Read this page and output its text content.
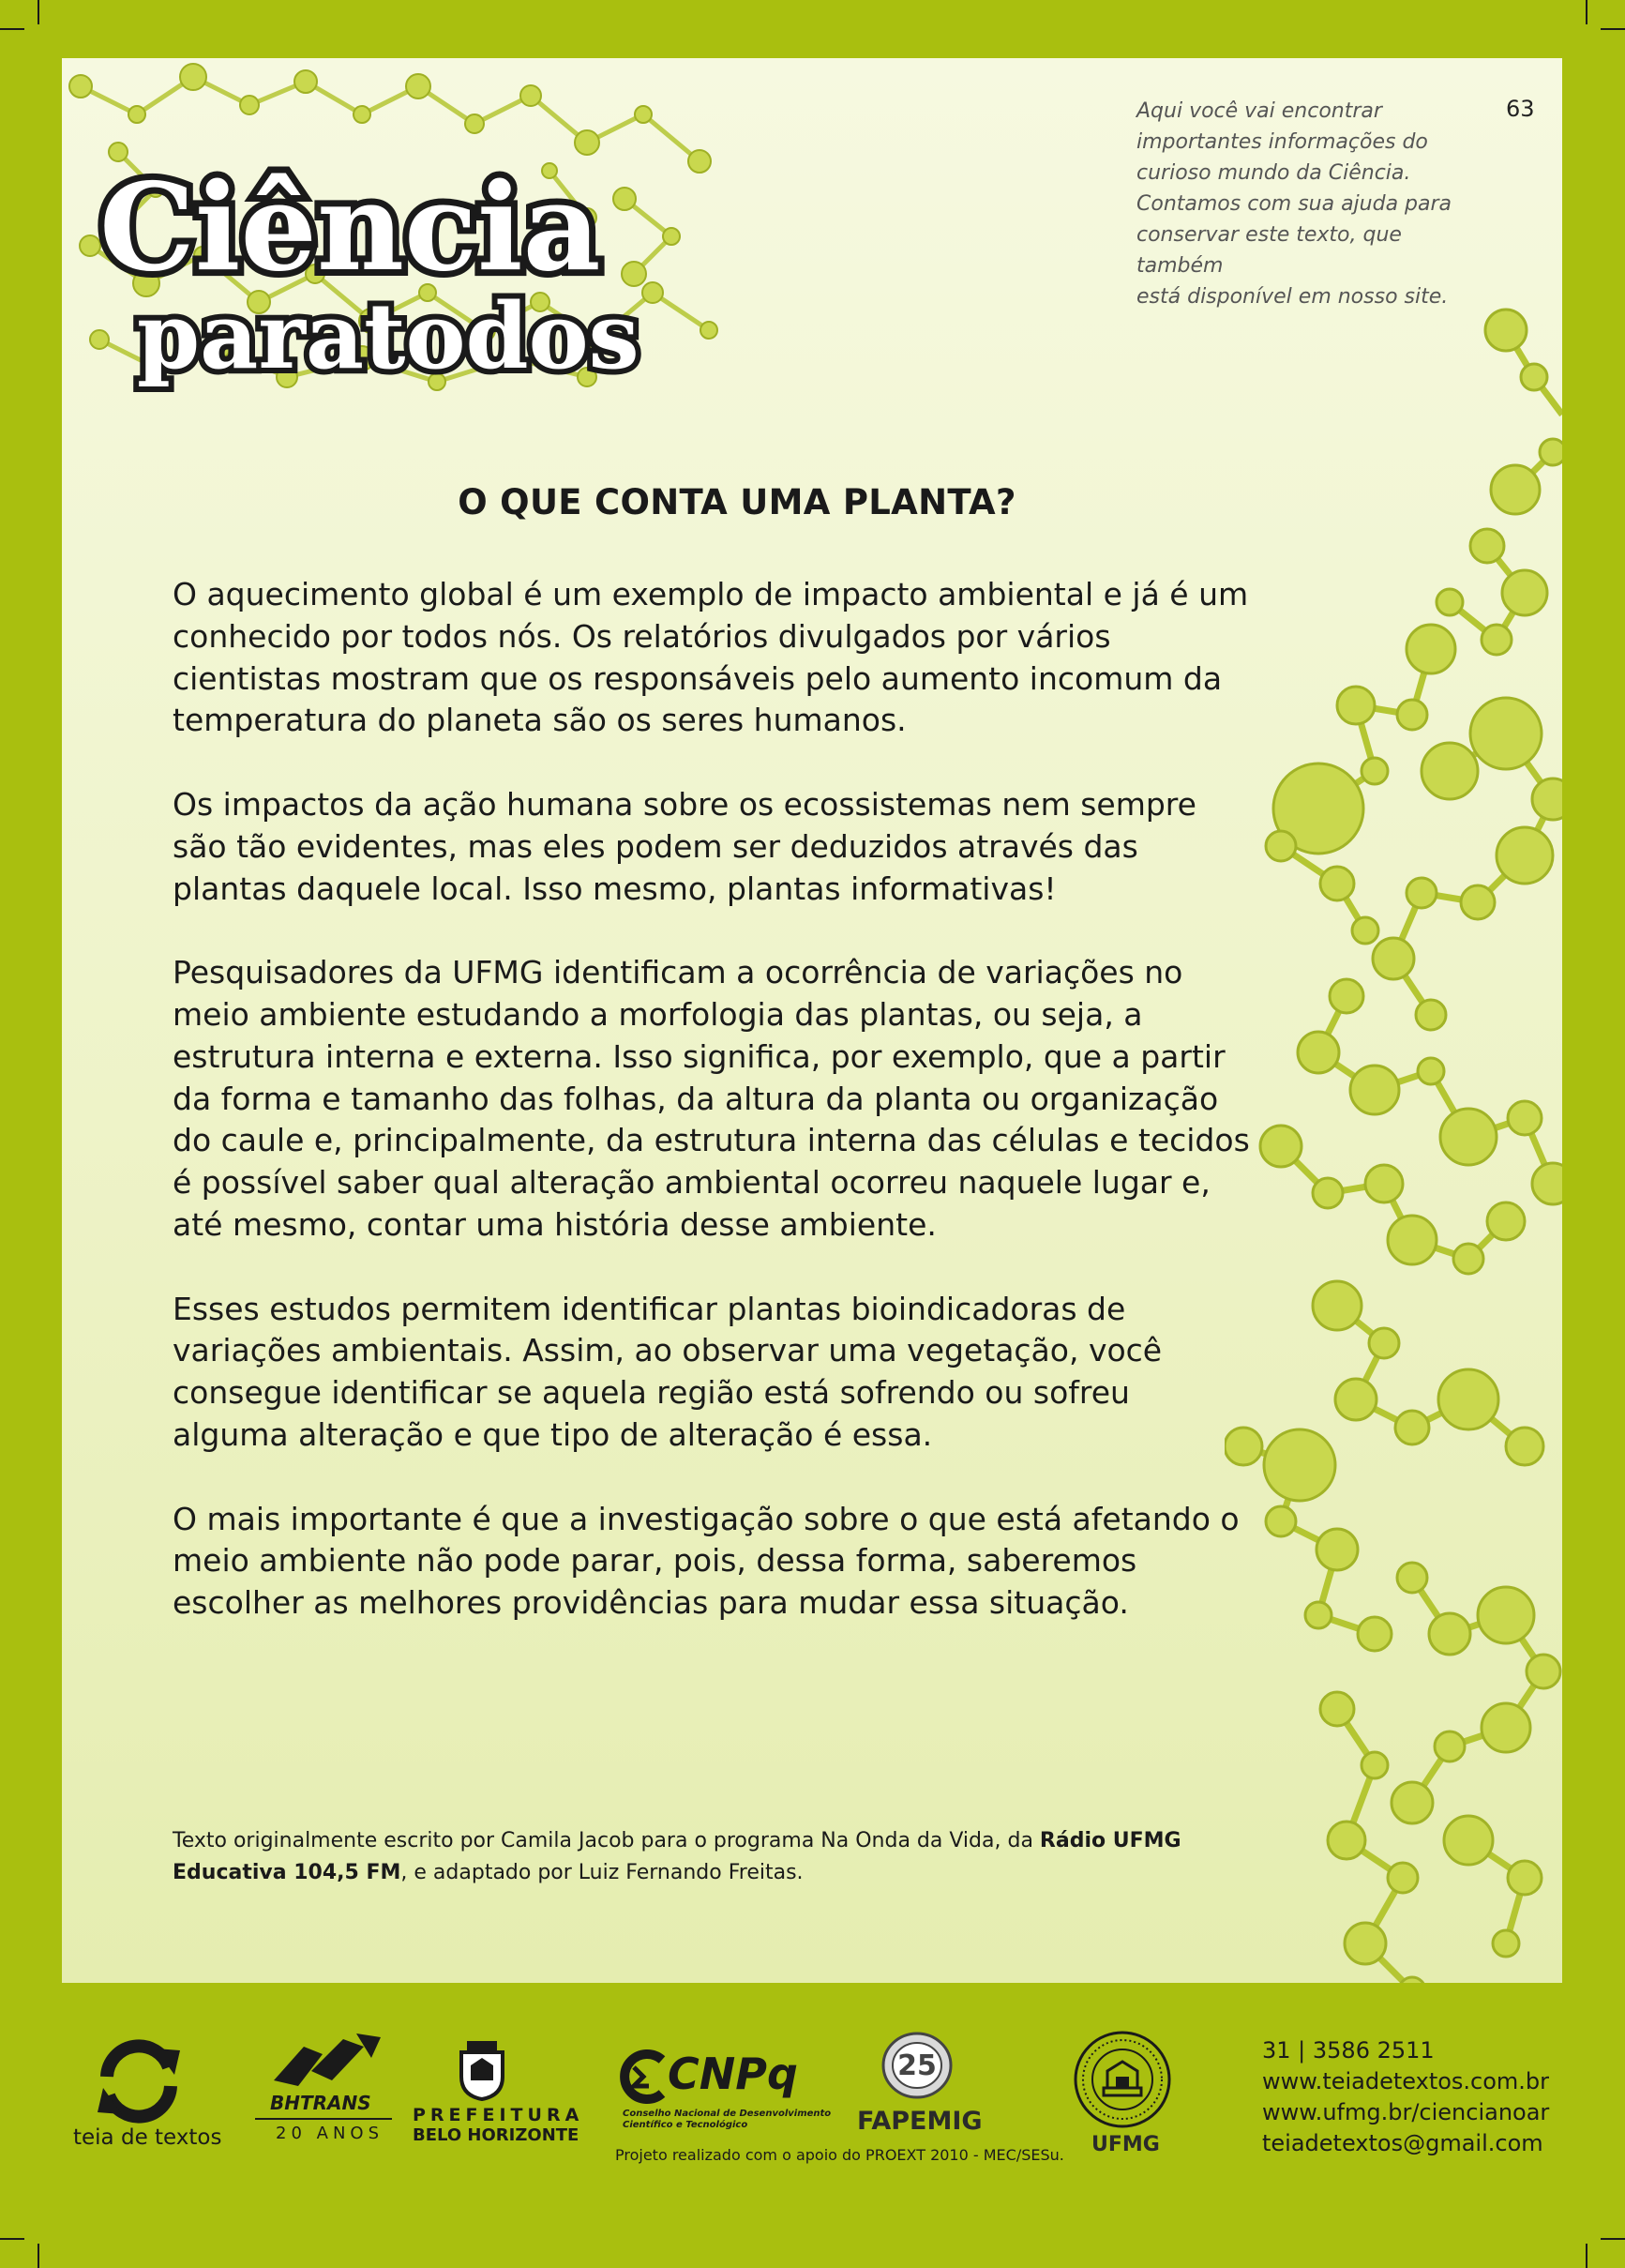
Ciência
paratodos
Aqui você vai encontrar
importantes informações do
curioso mundo da Ciência.
Contamos com sua ajuda para
conservar este texto, que também
está disponível em nosso site.
63
O QUE CONTA UMA PLANTA?

O aquecimento global é um exemplo de impacto ambiental e já é um conhecido por todos nós. Os relatórios divulgados por vários cientistas mostram que os responsáveis pelo aumento incomum da temperatura do planeta são os seres humanos.

Os impactos da ação humana sobre os ecossistemas nem sempre são tão evidentes, mas eles podem ser deduzidos através das plantas daquele local. Isso mesmo, plantas informativas!

Pesquisadores da UFMG identificam a ocorrência de variações no meio ambiente estudando a morfologia das plantas, ou seja, a estrutura interna e externa. Isso significa, por exemplo, que a partir da forma e tamanho das folhas, da altura da planta ou organização do caule e, principalmente, da estrutura interna das células e tecidos é possível saber qual alteração ambiental ocorreu naquele lugar e, até mesmo, contar uma história desse ambiente.

Esses estudos permitem identificar plantas bioindicadoras de variações ambientais. Assim, ao observar uma vegetação, você consegue identificar se aquela região está sofrendo ou sofreu alguma alteração e que tipo de alteração é essa.

O mais importante é que a investigação sobre o que está afetando o meio ambiente não pode parar, pois, dessa forma, saberemos escolher as melhores providências para mudar essa situação.

Texto originalmente escrito por Camila Jacob para o programa Na Onda da Vida, da Rádio UFMG Educativa 104,5 FM, e adaptado por Luiz Fernando Freitas.
teia de textos
BHTRANS
20 ANOS
PREFEITURA
BELO HORIZONTE
CNPq
Conselho Nacional de Desenvolvimento
Científico e Tecnológico
25
FAPEMIG
Projeto realizado com o apoio do PROEXT 2010 - MEC/SESu. UFMG
31 | 3586 2511
www.teiadetextos.com.br
www.ufmg.br/ciencianoar
teiadetextos@gmail.com
